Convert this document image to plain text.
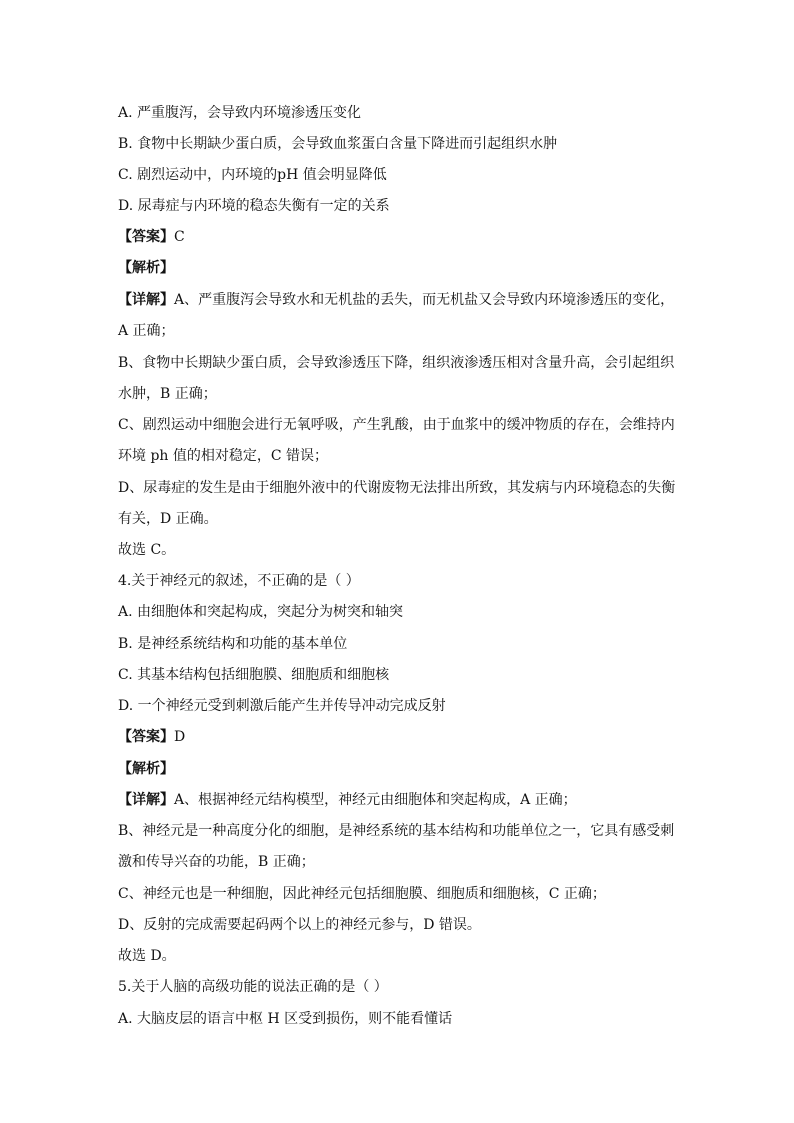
A. 严重腹泻，会导致内环境渗透压变化
B. 食物中长期缺少蛋白质，会导致血浆蛋白含量下降进而引起组织水肿
C. 剧烈运动中，内环境的pH 值会明显降低
D. 尿毒症与内环境的稳态失衡有一定的关系
【答案】C
【解析】
【详解】A、严重腹泻会导致水和无机盐的丢失，而无机盐又会导致内环境渗透压的变化，
A 正确；
B、食物中长期缺少蛋白质，会导致渗透压下降，组织液渗透压相对含量升高，会引起组织
水肿，B 正确；
C、剧烈运动中细胞会进行无氧呼吸，产生乳酸，由于血浆中的缓冲物质的存在，会维持内
环境 ph 值的相对稳定，C 错误；
D、尿毒症的发生是由于细胞外液中的代谢废物无法排出所致，其发病与内环境稳态的失衡
有关，D 正确。
故选 C。
4.关于神经元的叙述，不正确的是（ ）
A. 由细胞体和突起构成，突起分为树突和轴突
B. 是神经系统结构和功能的基本单位
C. 其基本结构包括细胞膜、细胞质和细胞核
D. 一个神经元受到刺激后能产生并传导冲动完成反射
【答案】D
【解析】
【详解】A、根据神经元结构模型，神经元由细胞体和突起构成，A 正确；
B、神经元是一种高度分化的细胞，是神经系统的基本结构和功能单位之一，它具有感受刺
激和传导兴奋的功能，B 正确；
C、神经元也是一种细胞，因此神经元包括细胞膜、细胞质和细胞核，C 正确；
D、反射的完成需要起码两个以上的神经元参与，D 错误。
故选 D。
5.关于人脑的高级功能的说法正确的是（ ）
A. 大脑皮层的语言中枢 H 区受到损伤，则不能看懂话
